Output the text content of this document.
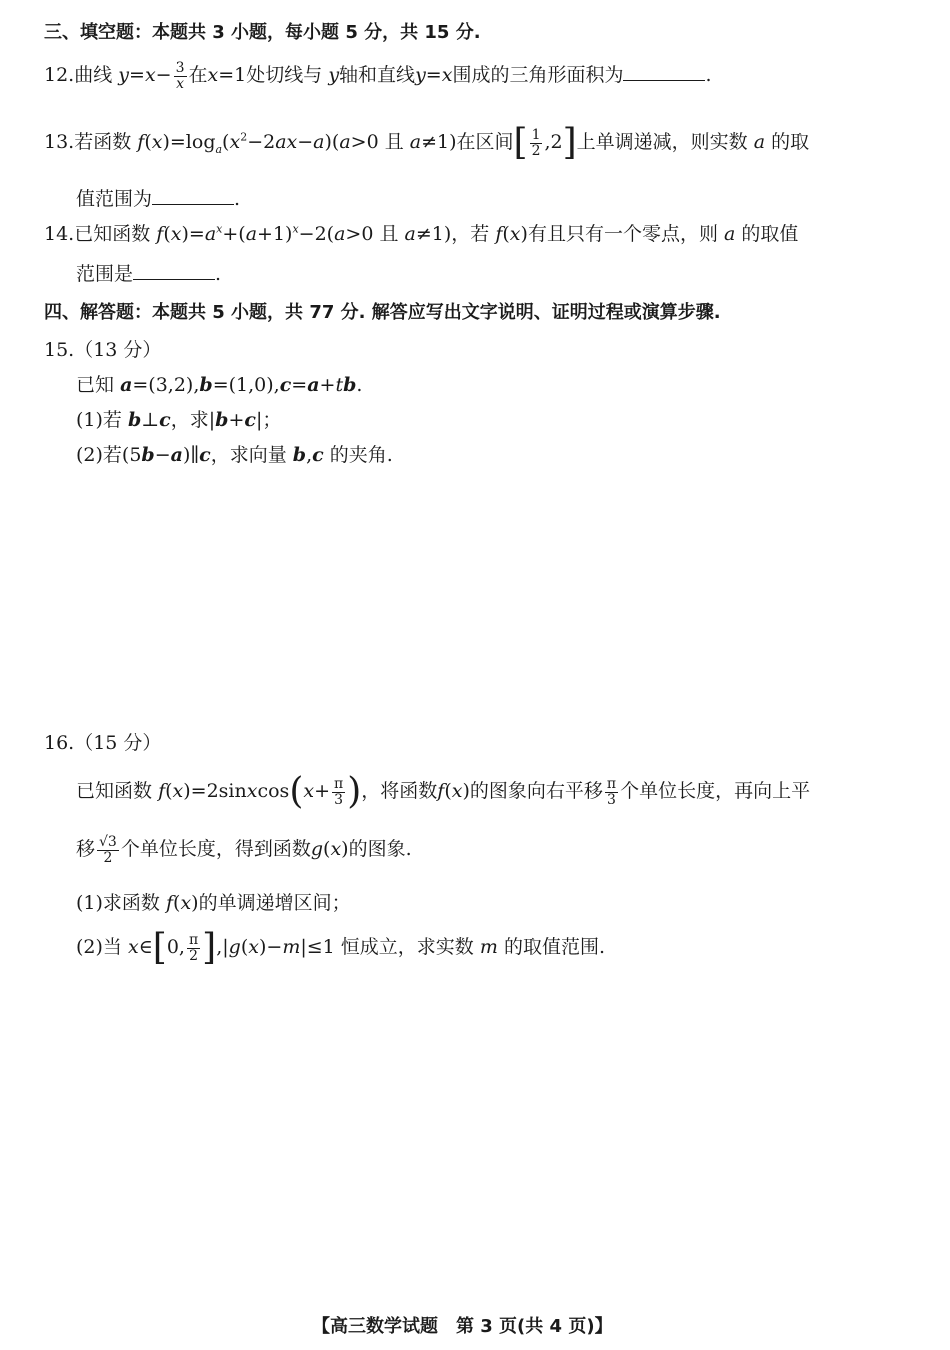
三、填空题：本题共 3 小题，每小题 5 分，共 15 分.
12.曲线 $y=x- \frac{3}{x}$ 在x=1处切线与 y轴和直线y=x围成的三角形面积为	.
13.若函数 $f(x)=\log_a(x^2-2ax-a)(a>0$ 且 a≠1)在区间[ $\frac{1}{2} ,2$]上单调递减，则实数 a 的取
值范围为	.
14.已知函数 $f(x)=a^x+(a+1)^x-2(a>0$ 且 a≠1)，若 f(x)有且只有一个零点，则 a 的取值
范围是	.
四、解答题：本题共 5 小题，共 77 分. 解答应写出文字说明、证明过程或演算步骤.
15.（13 分）
已知 a=(3,2),b=(1,0),c=a+tb.
(1)若 b⊥c，求|b+c|；
(2)若(5b−a)∥c，求向量 b,c 的夹角.
16.（15 分）
已知函数 f(x)=2sinxcos(x+ $\frac{\pi}{3}$ )，将函数f(x)的图象向右平移 $\frac{\pi}{3}$ 个单位长度，再向上平
移 $\frac{√3}{2}$ 个单位长度，得到函数g(x)的图象.
(1)求函数 f(x)的单调递增区间；
(2)当 x∈[0, $\frac{\pi}{2} ],|g(x)-m|\le 1$ 恒成立，求实数 m 的取值范围.
【高三数学试题　第 3 页(共 4 页)】
